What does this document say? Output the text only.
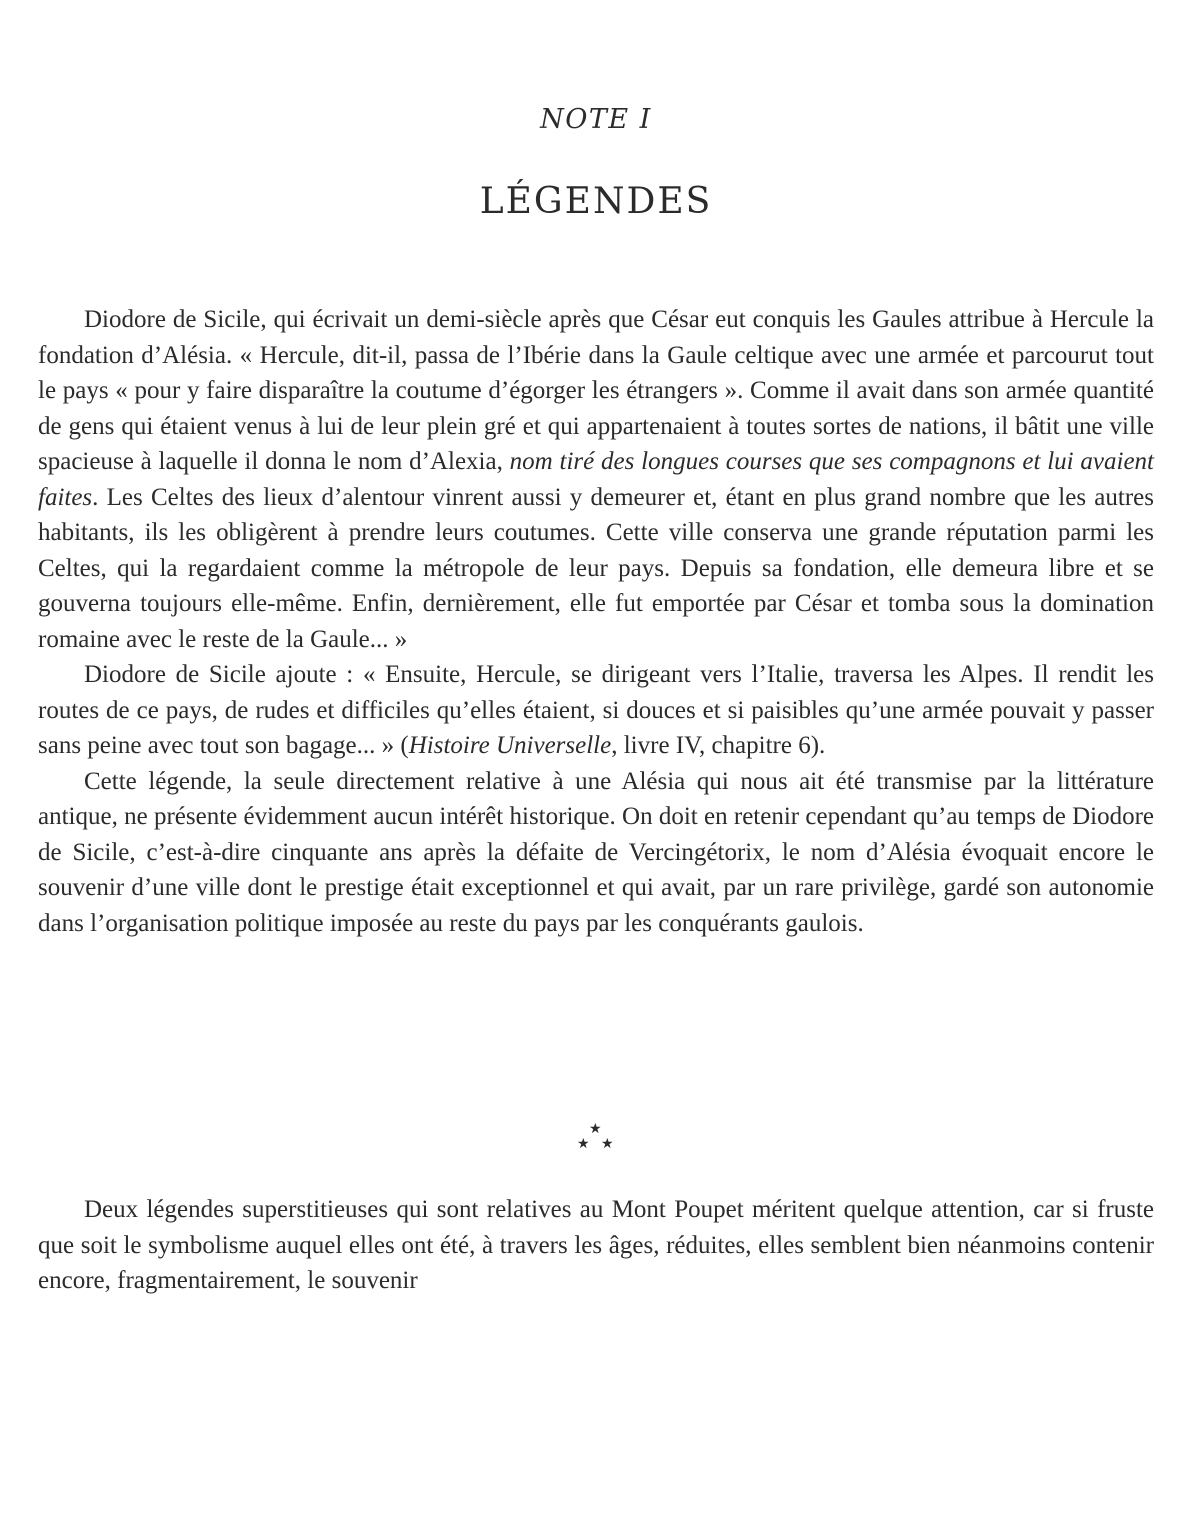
NOTE I
LÉGENDES

Diodore de Sicile, qui écrivait un demi-siècle après que César eut conquis les Gaules attribue à Hercule la fondation d’Alésia. « Hercule, dit-il, passa de l’Ibérie dans la Gaule celtique avec une armée et parcourut tout le pays « pour y faire disparaître la coutume d’égorger les étrangers ». Comme il avait dans son armée quantité de gens qui étaient venus à lui de leur plein gré et qui appartenaient à toutes sortes de nations, il bâtit une ville spacieuse à laquelle il donna le nom d’Alexia, nom tiré des longues courses que ses compagnons et lui avaient faites. Les Celtes des lieux d’alentour vinrent aussi y demeurer et, étant en plus grand nombre que les autres habitants, ils les obligèrent à prendre leurs coutumes. Cette ville conserva une grande réputation parmi les Celtes, qui la regardaient comme la métropole de leur pays. Depuis sa fondation, elle demeura libre et se gouverna toujours elle-même. Enfin, dernièrement, elle fut emportée par César et tomba sous la domination romaine avec le reste de la Gaule... »

Diodore de Sicile ajoute : « Ensuite, Hercule, se dirigeant vers l’Italie, traversa les Alpes. Il rendit les routes de ce pays, de rudes et difficiles qu’elles étaient, si douces et si paisibles qu’une armée pouvait y passer sans peine avec tout son bagage... » (Histoire Universelle, livre IV, chapitre 6).

Cette légende, la seule directement relative à une Alésia qui nous ait été transmise par la littérature antique, ne présente évidemment aucun intérêt historique. On doit en retenir cependant qu’au temps de Diodore de Sicile, c’est-à-dire cinquante ans après la défaite de Vercingétorix, le nom d’Alésia évoquait encore le souvenir d’une ville dont le prestige était exceptionnel et qui avait, par un rare privilège, gardé son autonomie dans l’organisation politique imposée au reste du pays par les conquérants gaulois.

★
★ ★

Deux légendes superstitieuses qui sont relatives au Mont Poupet méritent quelque attention, car si fruste que soit le symbolisme auquel elles ont été, à travers les âges, réduites, elles semblent bien néanmoins contenir encore, fragmentairement, le souvenir
